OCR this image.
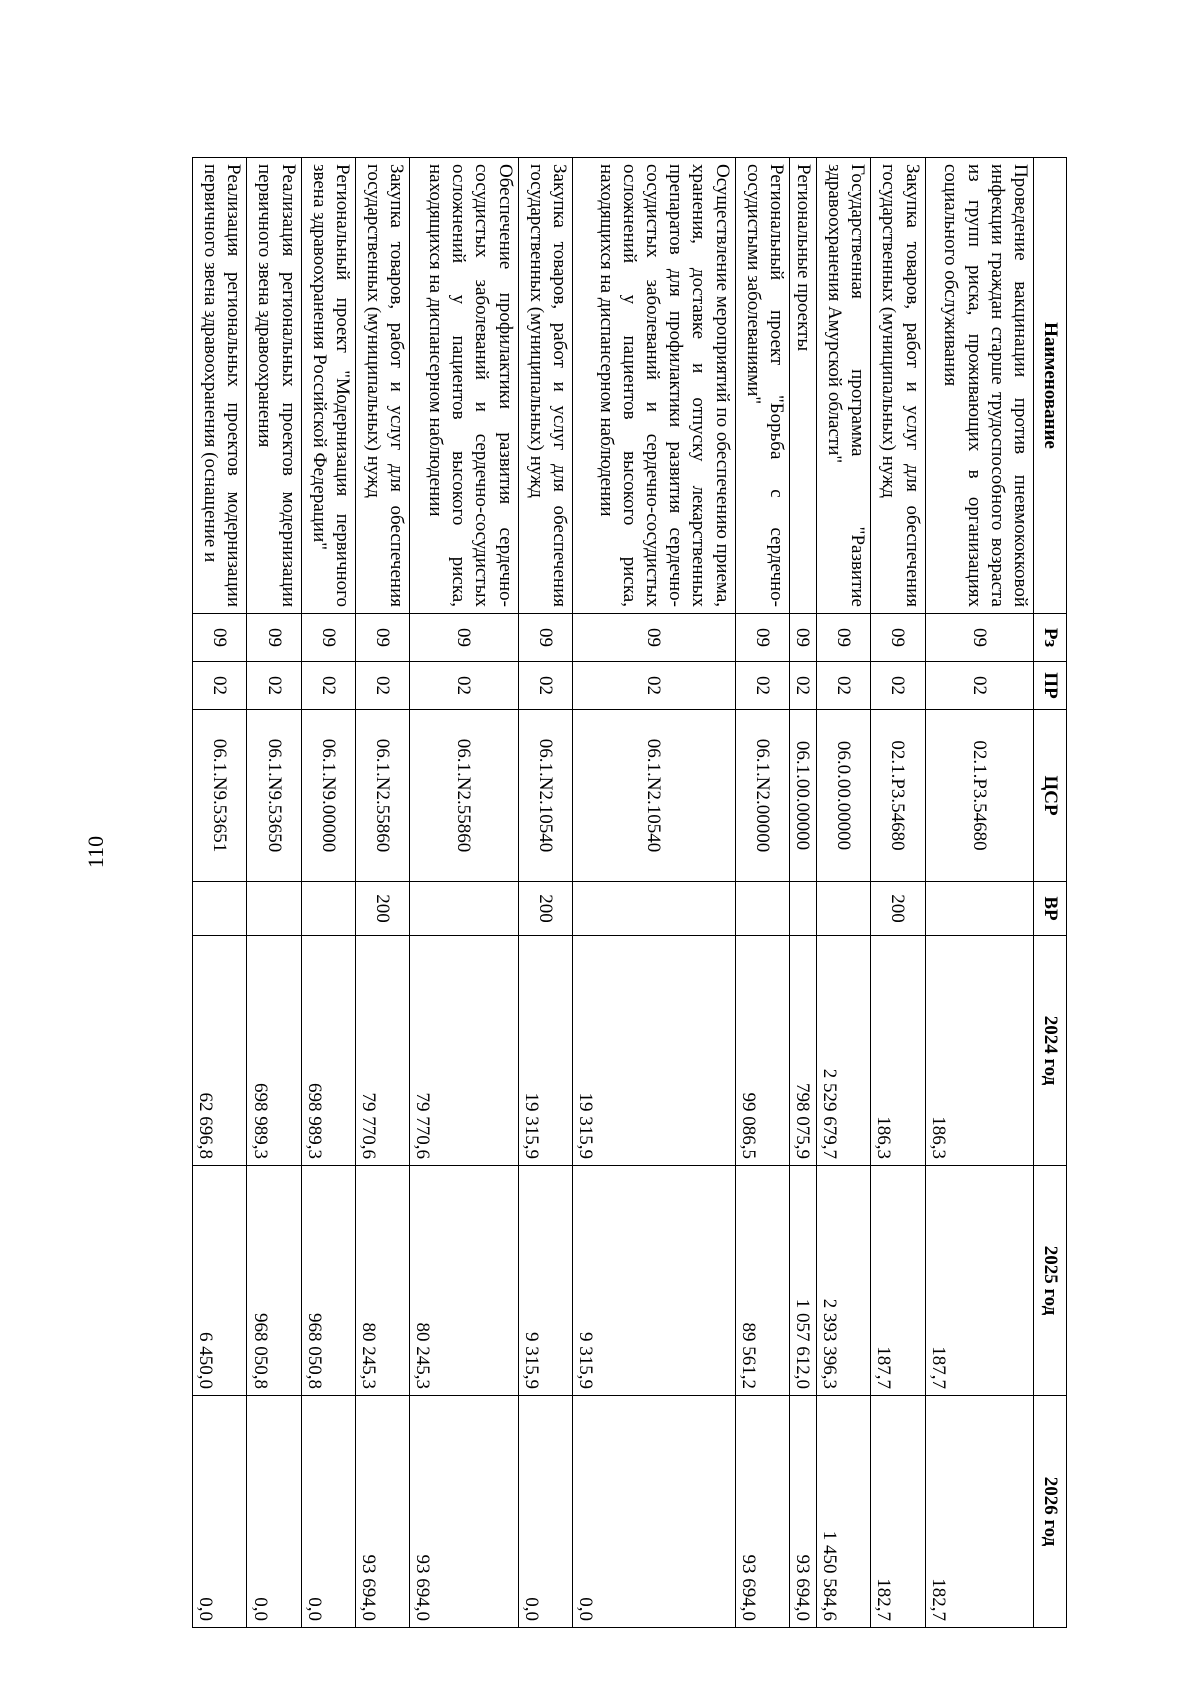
110
Наименование	Рз	ПР	ЦСР	ВР	2024 год	2025 год	2026 год
Проведение вакцинации против пневмококковой инфекции граждан старше трудоспособного возраста из групп риска, проживающих в организациях социального обслуживания	09	02	02.1.Р3.54680		186,3	187,7	182,7
Закупка товаров, работ и услуг для обеспечения государственных (муниципальных) нужд	09	02	02.1.Р3.54680	200	186,3	187,7	182,7
Государственная программа "Развитие здравоохранения Амурской области"	09	02	06.0.00.00000		2 529 679,7	2 393 396,3	1 450 584,6
Региональные проекты	09	02	06.1.00.00000		798 075,9	1 057 612,0	93 694,0
Региональный проект "Борьба с сердечно-сосудистыми заболеваниями"	09	02	06.1.N2.00000		99 086,5	89 561,2	93 694,0
Осуществление мероприятий по обеспечению приема, хранения, доставке и отпуску лекарственных препаратов для профилактики развития сердечно-сосудистых заболеваний и сердечно-сосудистых осложнений у пациентов высокого риска, находящихся на диспансерном наблюдении	09	02	06.1.N2.10540		19 315,9	9 315,9	0,0
Закупка товаров, работ и услуг для обеспечения государственных (муниципальных) нужд	09	02	06.1.N2.10540	200	19 315,9	9 315,9	0,0
Обеспечение профилактики развития сердечно-сосудистых заболеваний и сердечно-сосудистых осложнений у пациентов высокого риска, находящихся на диспансерном наблюдении	09	02	06.1.N2.55860		79 770,6	80 245,3	93 694,0
Закупка товаров, работ и услуг для обеспечения государственных (муниципальных) нужд	09	02	06.1.N2.55860	200	79 770,6	80 245,3	93 694,0
Региональный проект "Модернизация первичного звена здравоохранения Российской Федерации"	09	02	06.1.N9.00000		698 989,3	968 050,8	0,0
Реализация региональных проектов модернизации первичного звена здравоохранения	09	02	06.1.N9.53650		698 989,3	968 050,8	0,0
Реализация региональных проектов модернизации первичного звена здравоохранения (оснащение и	09	02	06.1.N9.53651		62 696,8	6 450,0	0,0
